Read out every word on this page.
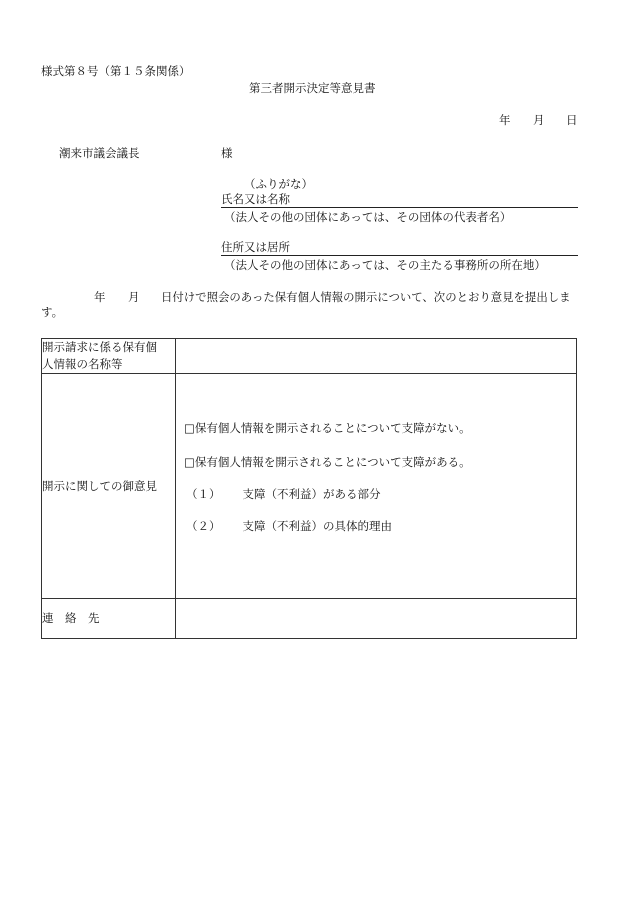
様式第８号（第１５条関係）
第三者開示決定等意見書
年 月 日
潮来市議会議長	様
（ふりがな）
氏名又は名称
（法人その他の団体にあっては、その団体の代表者名）
住所又は居所
（法人その他の団体にあっては、その主たる事務所の所在地）
年 月 日付けで照会のあった保有個人情報の開示について、次のとおり意見を提出しま
す。
開示請求に係る保有個
人情報の名称等	

開示に関しての御意見	□保有個人情報を開示されることについて支障がない。
□保有個人情報を開示されることについて支障がある。
（１） 支障（不利益）がある部分
（２） 支障（不利益）の具体的理由

連　絡　先	
